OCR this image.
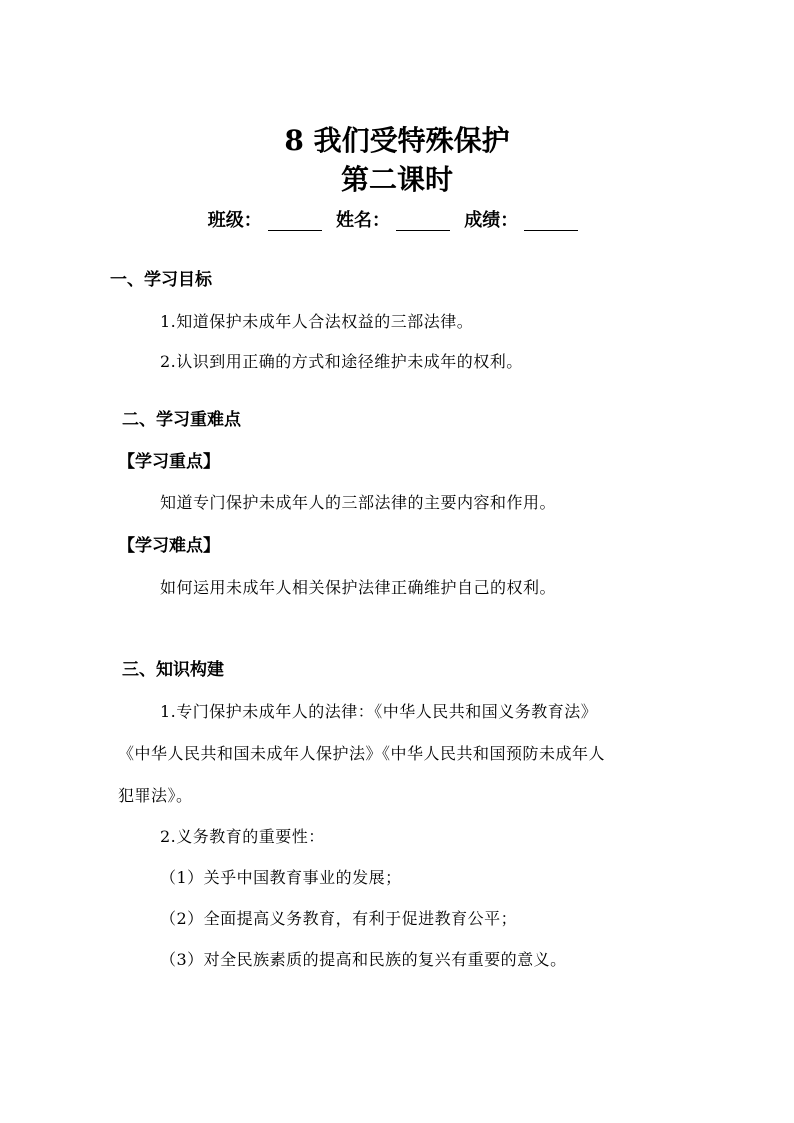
8 我们受特殊保护
第二课时
班级：	姓名：	成绩：
一、学习目标
1.知道保护未成年人合法权益的三部法律。
2.认识到用正确的方式和途径维护未成年的权利。
二、学习重难点
【学习重点】
知道专门保护未成年人的三部法律的主要内容和作用。
【学习难点】
如何运用未成年人相关保护法律正确维护自己的权利。
三、知识构建
1.专门保护未成年人的法律：《中华人民共和国义务教育法》
《中华人民共和国未成年人保护法》《中华人民共和国预防未成年人
犯罪法》。
2.义务教育的重要性：
（1）关乎中国教育事业的发展；
（2）全面提高义务教育，有利于促进教育公平；
（3）对全民族素质的提高和民族的复兴有重要的意义。
